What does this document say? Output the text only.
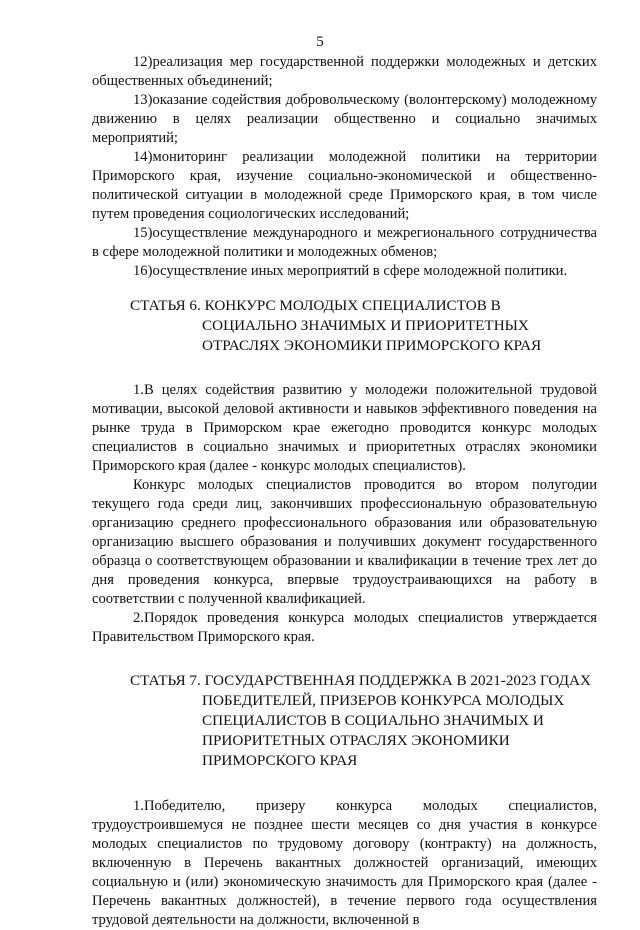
5

12)реализация мер государственной поддержки молодежных и детских общественных объединений;

13)оказание содействия добровольческому (волонтерскому) молодежному движению в целях реализации общественно и социально значимых мероприятий;

14)мониторинг реализации молодежной политики на территории Приморского края, изучение социально-экономической и общественно-политической ситуации в молодежной среде Приморского края, в том числе путем проведения социологических исследований;

15)осуществление международного и межрегионального сотрудничества в сфере молодежной политики и молодежных обменов;

16)осуществление иных мероприятий в сфере молодежной политики.

СТАТЬЯ 6. КОНКУРС МОЛОДЫХ СПЕЦИАЛИСТОВ В СОЦИАЛЬНО ЗНАЧИМЫХ И ПРИОРИТЕТНЫХ ОТРАСЛЯХ ЭКОНОМИКИ ПРИМОРСКОГО КРАЯ

1.В целях содействия развитию у молодежи положительной трудовой мотивации, высокой деловой активности и навыков эффективного поведения на рынке труда в Приморском крае ежегодно проводится конкурс молодых специалистов в социально значимых и приоритетных отраслях экономики Приморского края (далее - конкурс молодых специалистов).

Конкурс молодых специалистов проводится во втором полугодии текущего года среди лиц, закончивших профессиональную образовательную организацию среднего профессионального образования или образовательную организацию высшего образования и получивших документ государственного образца о соответствующем образовании и квалификации в течение трех лет до дня проведения конкурса, впервые трудоустраивающихся на работу в соответствии с полученной квалификацией.

2.Порядок проведения конкурса молодых специалистов утверждается Правительством Приморского края.

СТАТЬЯ 7. ГОСУДАРСТВЕННАЯ ПОДДЕРЖКА В 2021-2023 ГОДАХ ПОБЕДИТЕЛЕЙ, ПРИЗЕРОВ КОНКУРСА МОЛОДЫХ СПЕЦИАЛИСТОВ В СОЦИАЛЬНО ЗНАЧИМЫХ И ПРИОРИТЕТНЫХ ОТРАСЛЯХ ЭКОНОМИКИ ПРИМОРСКОГО КРАЯ

1.Победителю, призеру конкурса молодых специалистов, трудоустроившемуся не позднее шести месяцев со дня участия в конкурсе молодых специалистов по трудовому договору (контракту) на должность, включенную в Перечень вакантных должностей организаций, имеющих социальную и (или) экономическую значимость для Приморского края (далее - Перечень вакантных должностей), в течение первого года осуществления трудовой деятельности на должности, включенной в
